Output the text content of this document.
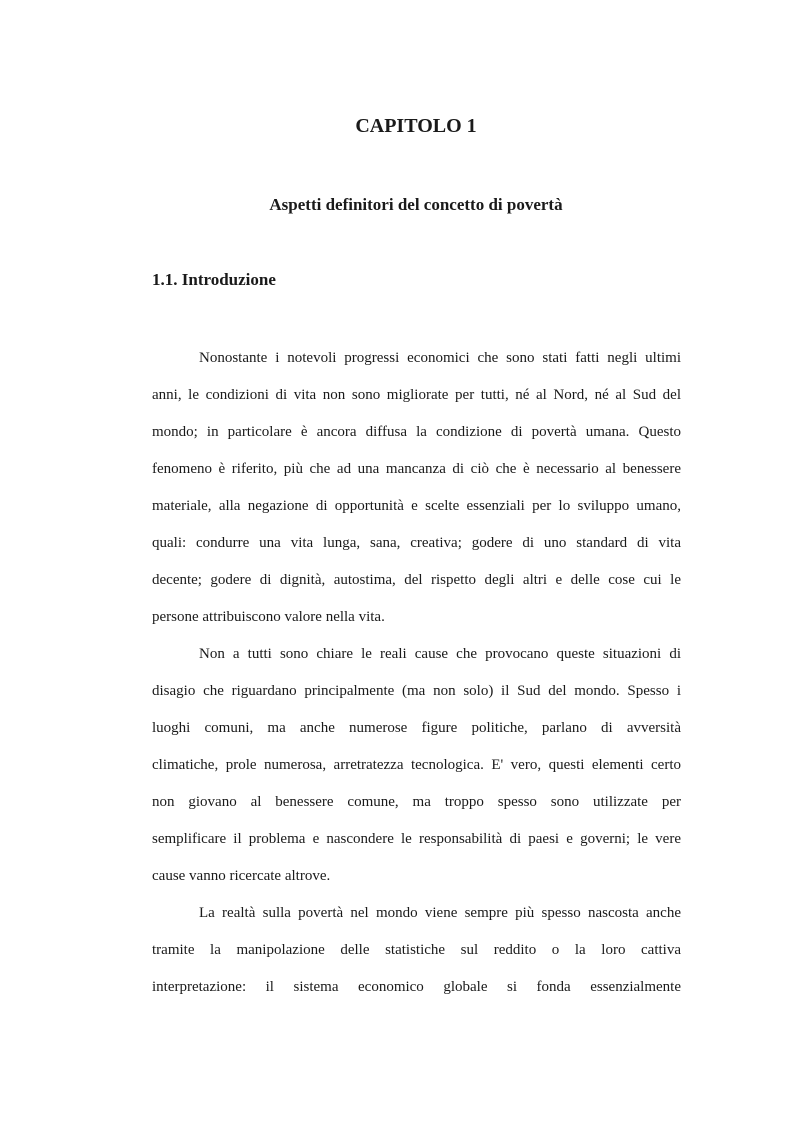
CAPITOLO 1
Aspetti definitori del concetto di povertà
1.1. Introduzione
Nonostante i notevoli progressi economici che sono stati fatti negli ultimi
anni, le condizioni di vita non sono migliorate per tutti, né al Nord, né al Sud del
mondo; in particolare è ancora diffusa la condizione di povertà umana. Questo
fenomeno è riferito, più che ad una mancanza di ciò che è necessario al benessere
materiale, alla negazione di opportunità e scelte essenziali per lo sviluppo umano,
quali: condurre una vita lunga, sana, creativa; godere di uno standard di vita
decente; godere di dignità, autostima, del rispetto degli altri e delle cose cui le
persone attribuiscono valore nella vita.
Non a tutti sono chiare le reali cause che provocano queste situazioni di
disagio che riguardano principalmente (ma non solo) il Sud del mondo. Spesso i
luoghi comuni, ma anche numerose figure politiche, parlano di avversità
climatiche, prole numerosa, arretratezza tecnologica. E' vero, questi elementi certo
non giovano al benessere comune, ma troppo spesso sono utilizzate per
semplificare il problema e nascondere le responsabilità di paesi e governi; le vere
cause vanno ricercate altrove.
La realtà sulla povertà nel mondo viene sempre più spesso nascosta anche
tramite la manipolazione delle statistiche sul reddito o la loro cattiva
interpretazione: il sistema economico globale si fonda essenzialmente
